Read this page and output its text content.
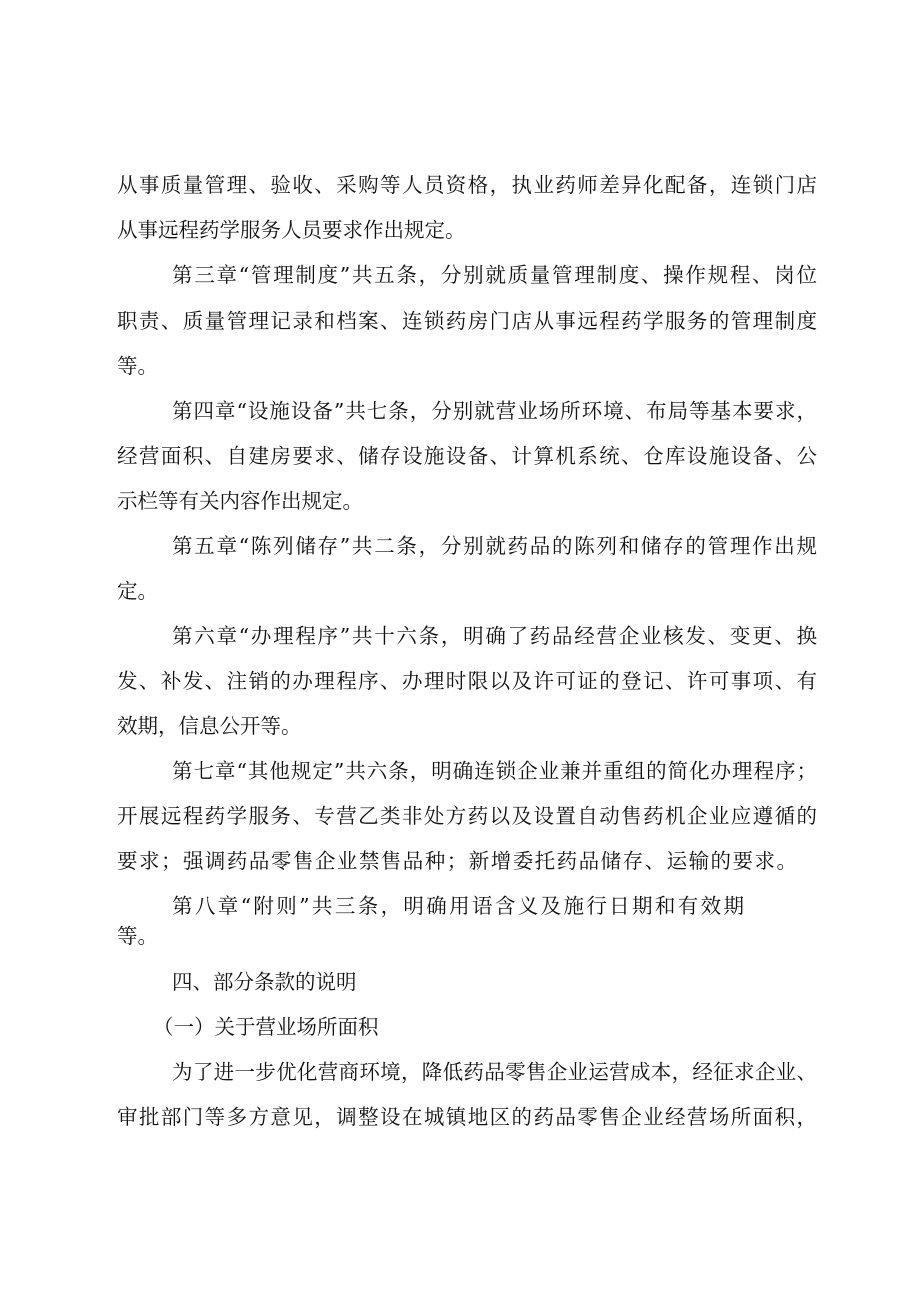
从事质量管理、验收、采购等人员资格，执业药师差异化配备，连锁门店
从事远程药学服务人员要求作出规定。
第三章“管理制度”共五条，分别就质量管理制度、操作规程、岗位
职责、质量管理记录和档案、连锁药房门店从事远程药学服务的管理制度
等。
第四章“设施设备”共七条，分别就营业场所环境、布局等基本要求，
经营面积、自建房要求、储存设施设备、计算机系统、仓库设施设备、公
示栏等有关内容作出规定。
第五章“陈列储存”共二条，分别就药品的陈列和储存的管理作出规
定。
第六章“办理程序”共十六条，明确了药品经营企业核发、变更、换
发、补发、注销的办理程序、办理时限以及许可证的登记、许可事项、有
效期，信息公开等。
第七章“其他规定”共六条，明确连锁企业兼并重组的简化办理程序；
开展远程药学服务、专营乙类非处方药以及设置自动售药机企业应遵循的
要求；强调药品零售企业禁售品种；新增委托药品储存、运输的要求。
第八章“附则”共三条，明确用语含义及施行日期和有效期
等。
四、部分条款的说明
（一）关于营业场所面积
为了进一步优化营商环境，降低药品零售企业运营成本，经征求企业、
审批部门等多方意见，调整设在城镇地区的药品零售企业经营场所面积，
